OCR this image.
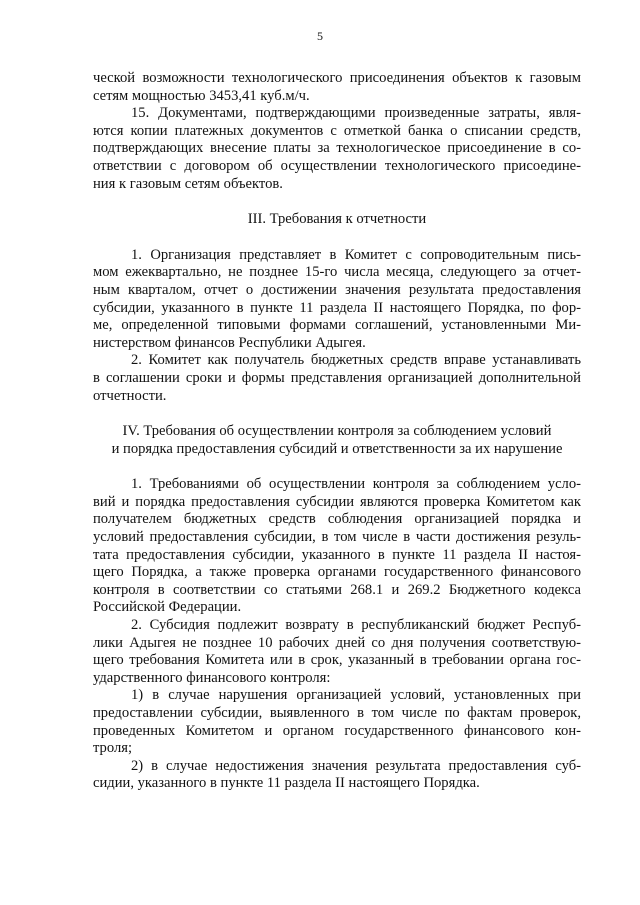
5
ческой возможности технологического присоединения объектов к газовым
сетям мощностью 3453,41 куб.м/ч.
15. Документами, подтверждающими произведенные затраты, явля-
ются копии платежных документов с отметкой банка о списании средств,
подтверждающих внесение платы за технологическое присоединение в со-
ответствии с договором об осуществлении технологического присоедине-
ния к газовым сетям объектов.
III. Требования к отчетности
1. Организация представляет в Комитет с сопроводительным пись-
мом ежеквартально, не позднее 15-го числа месяца, следующего за отчет-
ным кварталом, отчет о достижении значения результата предоставления
субсидии, указанного в пункте 11 раздела II настоящего Порядка, по фор-
ме, определенной типовыми формами соглашений, установленными Ми-
нистерством финансов Республики Адыгея.
2. Комитет как получатель бюджетных средств вправе устанавливать
в соглашении сроки и формы представления организацией дополнительной
отчетности.
IV. Требования об осуществлении контроля за соблюдением условий
и порядка предоставления субсидий и ответственности за их нарушение
1. Требованиями об осуществлении контроля за соблюдением усло-
вий и порядка предоставления субсидии являются проверка Комитетом как
получателем бюджетных средств соблюдения организацией порядка и
условий предоставления субсидии, в том числе в части достижения резуль-
тата предоставления субсидии, указанного в пункте 11 раздела II настоя-
щего Порядка, а также проверка органами государственного финансового
контроля в соответствии со статьями 268.1 и 269.2 Бюджетного кодекса
Российской Федерации.
2. Субсидия подлежит возврату в республиканский бюджет Респуб-
лики Адыгея не позднее 10 рабочих дней со дня получения соответствую-
щего требования Комитета или в срок, указанный в требовании органа гос-
ударственного финансового контроля:
1) в случае нарушения организацией условий, установленных при
предоставлении субсидии, выявленного в том числе по фактам проверок,
проведенных Комитетом и органом государственного финансового кон-
троля;
2) в случае недостижения значения результата предоставления суб-
сидии, указанного в пункте 11 раздела II настоящего Порядка.
